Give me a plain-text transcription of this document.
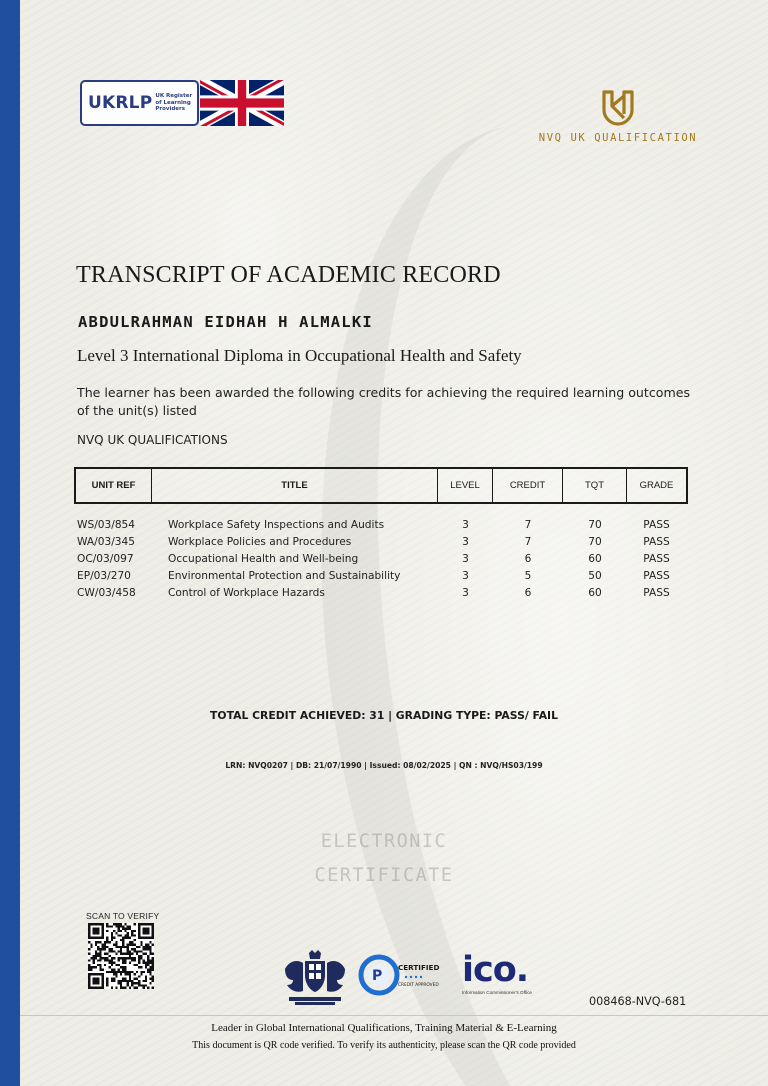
UKRLP UK Register of Learning Providers
NVQ UK QUALIFICATION
TRANSCRIPT OF ACADEMIC RECORD
ABDULRAHMAN EIDHAH H ALMALKI
Level 3 International Diploma in Occupational Health and Safety
The learner has been awarded the following credits for achieving the required learning outcomes of the unit(s) listed
NVQ UK QUALIFICATIONS
UNIT REF	TITLE	LEVEL	CREDIT	TQT	GRADE
WS/03/854	Workplace Safety Inspections and Audits	3	7	70	PASS
WA/03/345	Workplace Policies and Procedures	3	7	70	PASS
OC/03/097	Occupational Health and Well-being	3	6	60	PASS
EP/03/270	Environmental Protection and Sustainability	3	5	50	PASS
CW/03/458	Control of Workplace Hazards	3	6	60	PASS
TOTAL CREDIT ACHIEVED: 31 | GRADING TYPE: PASS/ FAIL
LRN: NVQ0207 | DB: 21/07/1990 | Issued: 08/02/2025 | QN : NVQ/HS03/199
ELECTRONIC
CERTIFICATE
SCAN TO VERIFY
P
CERTIFIED
CREDIT APPROVED ico.
Information Commissioner's Office
008468-NVQ-681
Leader in Global International Qualifications, Training Material & E-Learning
This document is QR code verified. To verify its authenticity, please scan the QR code provided
